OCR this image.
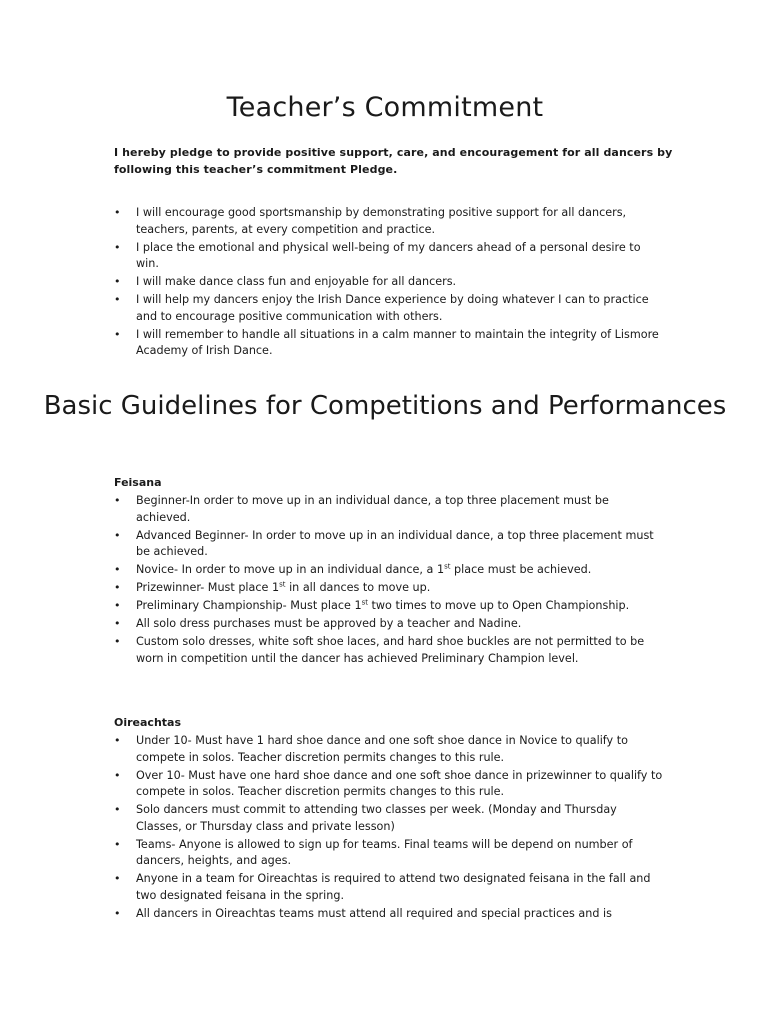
Teacher’s Commitment
I hereby pledge to provide positive support, care, and encouragement for all dancers by following this teacher’s commitment Pledge.
• I will encourage good sportsmanship by demonstrating positive support for all dancers, teachers, parents, at every competition and practice.
• I place the emotional and physical well-being of my dancers ahead of a personal desire to win.
• I will make dance class fun and enjoyable for all dancers.
• I will help my dancers enjoy the Irish Dance experience by doing whatever I can to practice and to encourage positive communication with others.
• I will remember to handle all situations in a calm manner to maintain the integrity of Lismore Academy of Irish Dance.
Basic Guidelines for Competitions and Performances
Feisana
• Beginner-In order to move up in an individual dance, a top three placement must be achieved.
• Advanced Beginner- In order to move up in an individual dance, a top three placement must be achieved.
• Novice- In order to move up in an individual dance, a 1st place must be achieved.
• Prizewinner- Must place 1st in all dances to move up.
• Preliminary Championship- Must place 1st two times to move up to Open Championship.
• All solo dress purchases must be approved by a teacher and Nadine.
• Custom solo dresses, white soft shoe laces, and hard shoe buckles are not permitted to be worn in competition until the dancer has achieved Preliminary Champion level.
Oireachtas
• Under 10- Must have 1 hard shoe dance and one soft shoe dance in Novice to qualify to compete in solos. Teacher discretion permits changes to this rule.
• Over 10- Must have one hard shoe dance and one soft shoe dance in prizewinner to qualify to compete in solos. Teacher discretion permits changes to this rule.
• Solo dancers must commit to attending two classes per week. (Monday and Thursday Classes, or Thursday class and private lesson)
• Teams- Anyone is allowed to sign up for teams. Final teams will be depend on number of dancers, heights, and ages.
• Anyone in a team for Oireachtas is required to attend two designated feisana in the fall and two designated feisana in the spring.
• All dancers in Oireachtas teams must attend all required and special practices and is
